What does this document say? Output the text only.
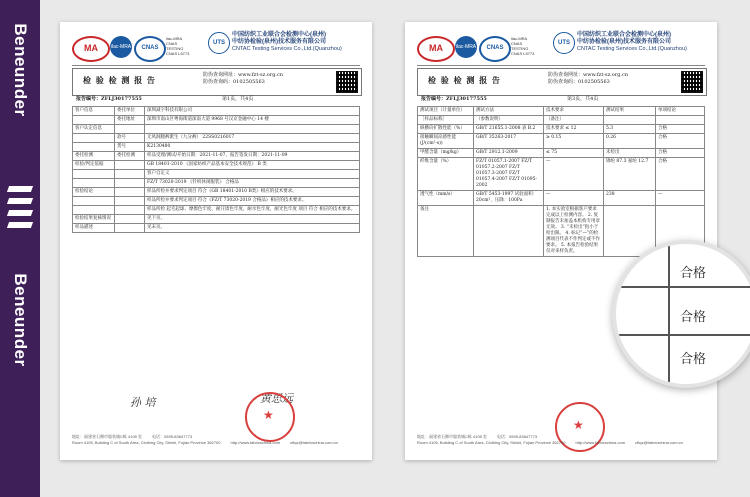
Beneunder
Beneunder
MA	ilac-MRA	CNAS
ilac-MRA
CNAS
TESTING
CNAS L5773
UTS
中国纺织工业联合会检测中心(泉州)
中纺协检验(泉州)技术服务有限公司
CNTAC Testing Services Co.,Ltd.(Quanzhou)
检 验 检 测 报 告	防伪查询网址：www.fzt-sz.org.cn
防伪查询码：0102505563
报告编号：ZFLJ30177555	第1页，共4页
客户信息	委托单位	深圳减字科技有限公司
	委托地址	深圳市南山区粤海街道深南大道 9968 号汉京金融中心 14 楼
客户认定信息		
	款号	无风洞腿裤派生（九分裤） 22SS0216017
	货号	K2130480
委托检测	委托检测	样品受理/测试/开始日期：2021-11-07，报告签发日期：2021-11-09
检验/判定依据		GB 18401-2010 《国家纺织产品基本安全技术规范》 B 类
		客户自定义
		FZ/T 73020-2019 《针织休闲服装》 合格品
检验结论		样品所检并要求判定项目 符合《GB 18401-2010 B类》相应的技术要求。
		样品所检并要求判定项目 符合《FZ/T 73020-2019 合格品》相应的技术要求。
		样品所检 起毛起球、摩擦色牢度、耐汗渍色牢度、耐水色牢度、耐光色牢度 项目 符合 相应的技术要求。
检验结果复核情况		见下页。
样品描述		见末页。
孙 培	黄思远
★
地址：福建省石狮市服装城C栋 4105 室	电话：0595-83647773 Room 4105, Building C of South Area, Clothing City, Shishi, Fujian Province 362700	http://www.fabricschina.com	cftqz@fabricschina.com.cn
MA	ilac-MRA	CNAS
ilac-MRA
CNAS
TESTING
CNAS L5773
UTS
中国纺织工业联合会检测中心(泉州)
中纺协检验(泉州)技术服务有限公司
CNTAC Testing Services Co.,Ltd.(Quanzhou)
检 验 检 测 报 告	防伪查询网址：www.fzt-sz.org.cn
防伪查询码：0102505563
报告编号：ZFLJ30177555	第3页，共4页
测试项目（计量单位）	测试方法	技术要求	测试结果	单项结论
［样品标称］	（参数说明）	（备注）		
纵横向扩散性能（%）	GB/T 21655.1-2008 表 B.2	技术要求 ≤ 12	5.3	合格
接触瞬间凉感性能 (J/(cm²·s))	GB/T 35263-2017	≥ 0.15	0.26	合格
甲醛含量（mg/kg）	GB/T 2912.1-2009	≤ 75	未检出	合格
纤维含量（%）	FZ/T 01057.1-2007 FZ/T 01057.2-2007 FZ/T 01057.3-2007 FZ/T 01057.4-2007 FZ/T 01095-2002	—	锦纶 87.3 氨纶 12.7	合格
透气性（mm/s）	GB/T 5453-1997 试验面积：20cm²，压降：100Pa	—	238	—
备注		1. 本实验室根据客户要求完成以上检测内容。 2. 复制报告未加盖本机构专用章无效。 3. “未检出”指小于检出限。 4. 标记“—”的检测项目代表不作判定或不作要求。 5. 本报告检验结果仅对来样负责。		
★
地址：福建省石狮市服装城C栋 4105 室	电话：0595-83647773 Room 4105, Building C of South Area, Clothing City, Shishi, Fujian Province 362700	http://www.fabricschina.com	cftqz@fabricschina.com.cn
合格
合格
合格
